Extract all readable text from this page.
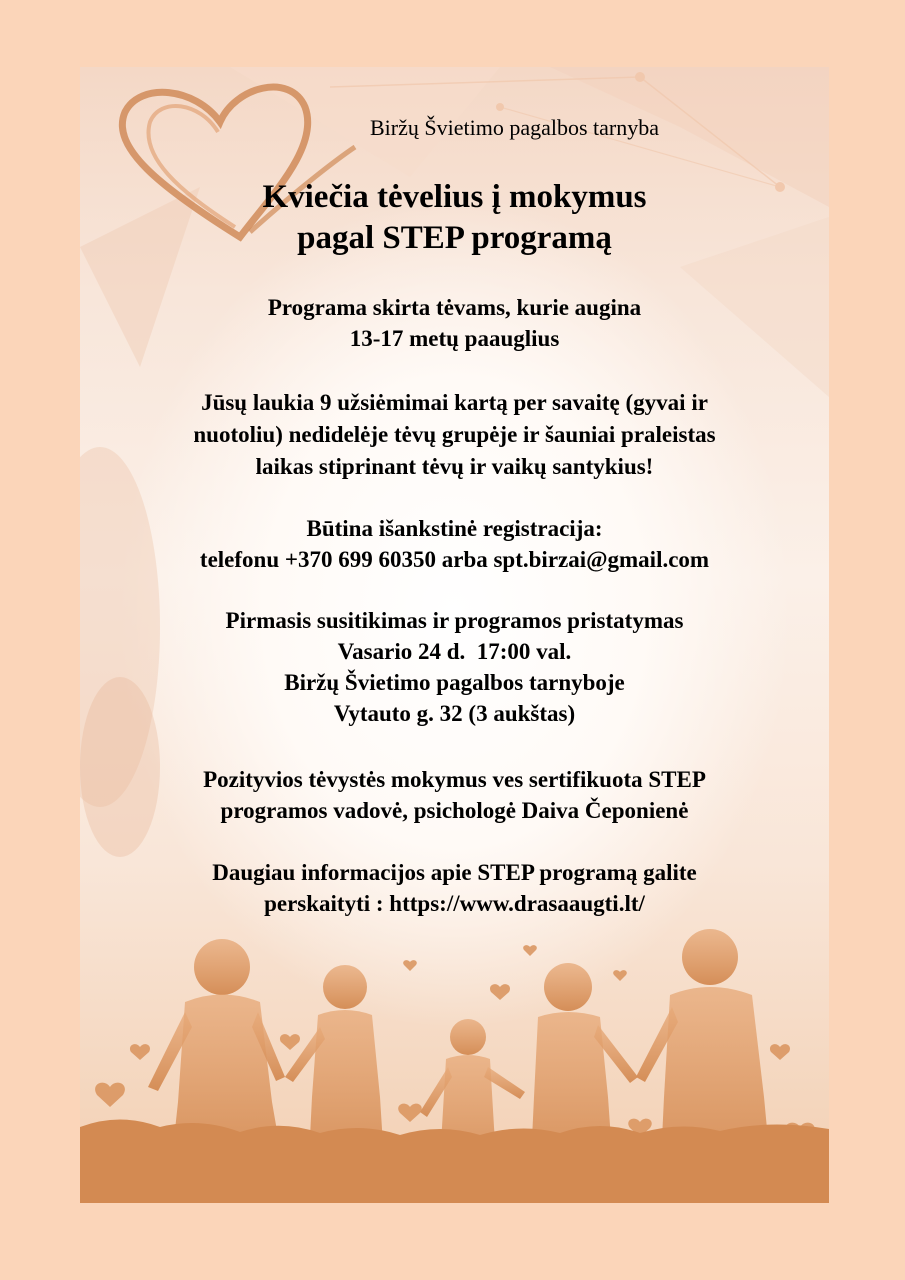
Biržų Švietimo pagalbos tarnyba
Kviečia tėvelius į mokymus
pagal STEP programą
Programa skirta tėvams, kurie augina
13-17 metų paauglius
Jūsų laukia 9 užsiėmimai kartą per savaitę (gyvai ir
nuotoliu) nedidelėje tėvų grupėje ir šauniai praleistas
laikas stiprinant tėvų ir vaikų santykius!
Būtina išankstinė registracija:
telefonu +370 699 60350 arba spt.birzai@gmail.com
Pirmasis susitikimas ir programos pristatymas
Vasario 24 d.  17:00 val.
Biržų Švietimo pagalbos tarnyboje
Vytauto g. 32 (3 aukštas)
Pozityvios tėvystės mokymus ves sertifikuota STEP
programos vadovė, psichologė Daiva Čeponienė
Daugiau informacijos apie STEP programą galite
perskaityti : https://www.drasaaugti.lt/
